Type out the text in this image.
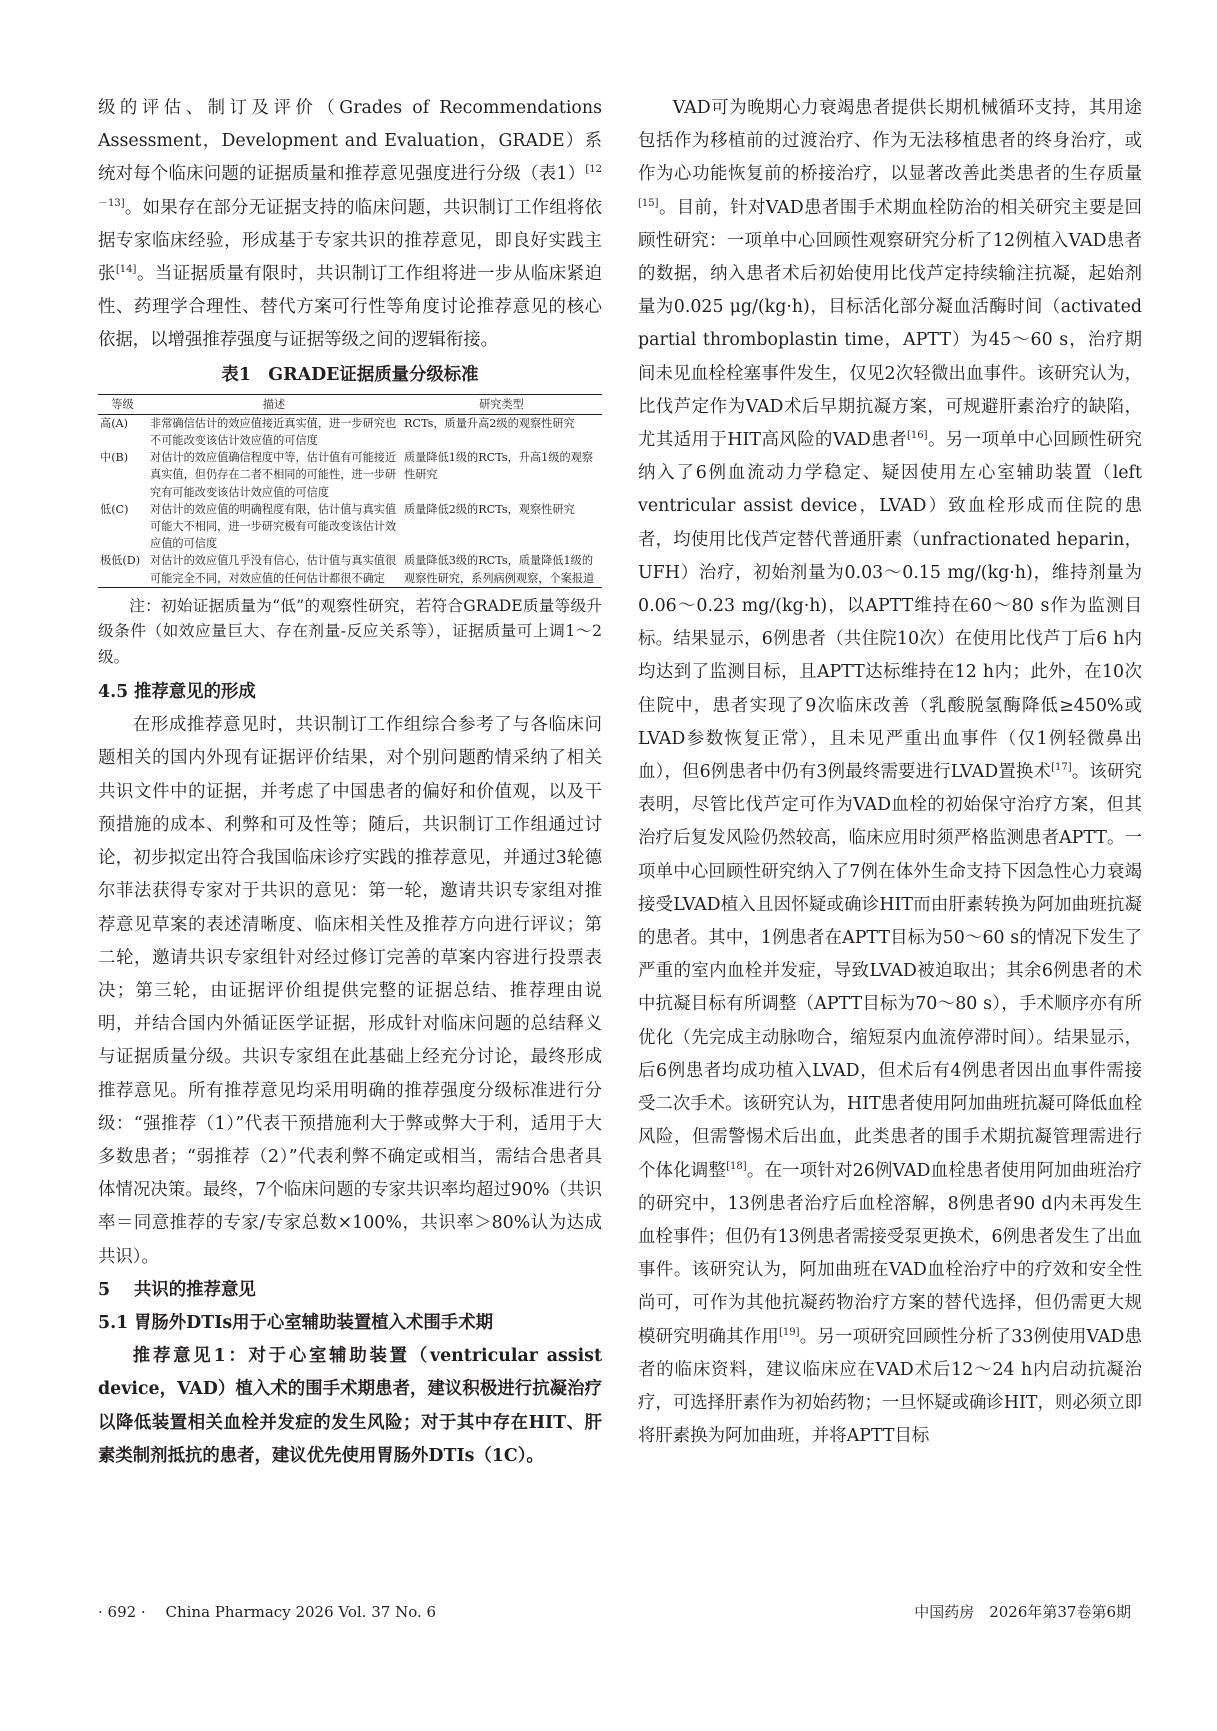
级的评估、制订及评价（Grades of Recommendations Assessment，Development and Evaluation，GRADE）系统对每个临床问题的证据质量和推荐意见强度进行分级（表1）[12－13]。如果存在部分无证据支持的临床问题，共识制订工作组将依据专家临床经验，形成基于专家共识的推荐意见，即良好实践主张[14]。当证据质量有限时，共识制订工作组将进一步从临床紧迫性、药理学合理性、替代方案可行性等角度讨论推荐意见的核心依据，以增强推荐强度与证据等级之间的逻辑衔接。

表1　GRADE证据质量分级标准
等级	描述	研究类型
高(A)	非常确信估计的效应值接近真实值，进一步研究也不可能改变该估计效应值的可信度	RCTs，质量升高2级的观察性研究
中(B)	对估计的效应值确信程度中等，估计值有可能接近真实值，但仍存在二者不相同的可能性，进一步研究有可能改变该估计效应值的可信度	质量降低1级的RCTs，升高1级的观察性研究
低(C)	对估计的效应值的明确程度有限，估计值与真实值可能大不相同，进一步研究极有可能改变该估计效应值的可信度	质量降低2级的RCTs，观察性研究
极低(D)	对估计的效应值几乎没有信心，估计值与真实值很可能完全不同，对效应值的任何估计都很不确定	质量降低3级的RCTs，质量降低1级的观察性研究，系列病例观察，个案报道

注：初始证据质量为“低”的观察性研究，若符合GRADE质量等级升级条件（如效应量巨大、存在剂量-反应关系等），证据质量可上调1～2级。

4.5 推荐意见的形成

在形成推荐意见时，共识制订工作组综合参考了与各临床问题相关的国内外现有证据评价结果，对个别问题酌情采纳了相关共识文件中的证据，并考虑了中国患者的偏好和价值观，以及干预措施的成本、利弊和可及性等；随后，共识制订工作组通过讨论，初步拟定出符合我国临床诊疗实践的推荐意见，并通过3轮德尔菲法获得专家对于共识的意见：第一轮，邀请共识专家组对推荐意见草案的表述清晰度、临床相关性及推荐方向进行评议；第二轮，邀请共识专家组针对经过修订完善的草案内容进行投票表决；第三轮，由证据评价组提供完整的证据总结、推荐理由说明，并结合国内外循证医学证据，形成针对临床问题的总结释义与证据质量分级。共识专家组在此基础上经充分讨论，最终形成推荐意见。所有推荐意见均采用明确的推荐强度分级标准进行分级：“强推荐（1）”代表干预措施利大于弊或弊大于利，适用于大多数患者；“弱推荐（2）”代表利弊不确定或相当，需结合患者具体情况决策。最终，7个临床问题的专家共识率均超过90%（共识率＝同意推荐的专家/专家总数×100%，共识率＞80%认为达成共识）。

5 共识的推荐意见

5.1 胃肠外DTIs用于心室辅助装置植入术围手术期

推荐意见1：对于心室辅助装置（ventricular assist device，VAD）植入术的围手术期患者，建议积极进行抗凝治疗以降低装置相关血栓并发症的发生风险；对于其中存在HIT、肝素类制剂抵抗的患者，建议优先使用胃肠外DTIs（1C）。

VAD可为晚期心力衰竭患者提供长期机械循环支持，其用途包括作为移植前的过渡治疗、作为无法移植患者的终身治疗，或作为心功能恢复前的桥接治疗，以显著改善此类患者的生存质量[15]。目前，针对VAD患者围手术期血栓防治的相关研究主要是回顾性研究：一项单中心回顾性观察研究分析了12例植入VAD患者的数据，纳入患者术后初始使用比伐芦定持续输注抗凝，起始剂量为0.025 μg/(kg·h)，目标活化部分凝血活酶时间（activated partial thromboplastin time，APTT）为45～60 s，治疗期间未见血栓栓塞事件发生，仅见2次轻微出血事件。该研究认为，比伐芦定作为VAD术后早期抗凝方案，可规避肝素治疗的缺陷，尤其适用于HIT高风险的VAD患者[16]。另一项单中心回顾性研究纳入了6例血流动力学稳定、疑因使用左心室辅助装置（left ventricular assist device，LVAD）致血栓形成而住院的患者，均使用比伐芦定替代普通肝素（unfractionated heparin，UFH）治疗，初始剂量为0.03～0.15 mg/(kg·h)，维持剂量为0.06～0.23 mg/(kg·h)，以APTT维持在60～80 s作为监测目标。结果显示，6例患者（共住院10次）在使用比伐芦丁后6 h内均达到了监测目标，且APTT达标维持在12 h内；此外，在10次住院中，患者实现了9次临床改善（乳酸脱氢酶降低≥450%或LVAD参数恢复正常），且未见严重出血事件（仅1例轻微鼻出血），但6例患者中仍有3例最终需要进行LVAD置换术[17]。该研究表明，尽管比伐芦定可作为VAD血栓的初始保守治疗方案，但其治疗后复发风险仍然较高，临床应用时须严格监测患者APTT。一项单中心回顾性研究纳入了7例在体外生命支持下因急性心力衰竭接受LVAD植入且因怀疑或确诊HIT而由肝素转换为阿加曲班抗凝的患者。其中，1例患者在APTT目标为50～60 s的情况下发生了严重的室内血栓并发症，导致LVAD被迫取出；其余6例患者的术中抗凝目标有所调整（APTT目标为70～80 s），手术顺序亦有所优化（先完成主动脉吻合，缩短泵内血流停滞时间）。结果显示，后6例患者均成功植入LVAD，但术后有4例患者因出血事件需接受二次手术。该研究认为，HIT患者使用阿加曲班抗凝可降低血栓风险，但需警惕术后出血，此类患者的围手术期抗凝管理需进行个体化调整[18]。在一项针对26例VAD血栓患者使用阿加曲班治疗的研究中，13例患者治疗后血栓溶解，8例患者90 d内未再发生血栓事件；但仍有13例患者需接受泵更换术，6例患者发生了出血事件。该研究认为，阿加曲班在VAD血栓治疗中的疗效和安全性尚可，可作为其他抗凝药物治疗方案的替代选择，但仍需更大规模研究明确其作用[19]。另一项研究回顾性分析了33例使用VAD患者的临床资料，建议临床应在VAD术后12～24 h内启动抗凝治疗，可选择肝素作为初始药物；一旦怀疑或确诊HIT，则必须立即将肝素换为阿加曲班，并将APTT目标

· 692 ·　 China Pharmacy 2026 Vol. 37 No. 6	中国药房　2026年第37卷第6期
